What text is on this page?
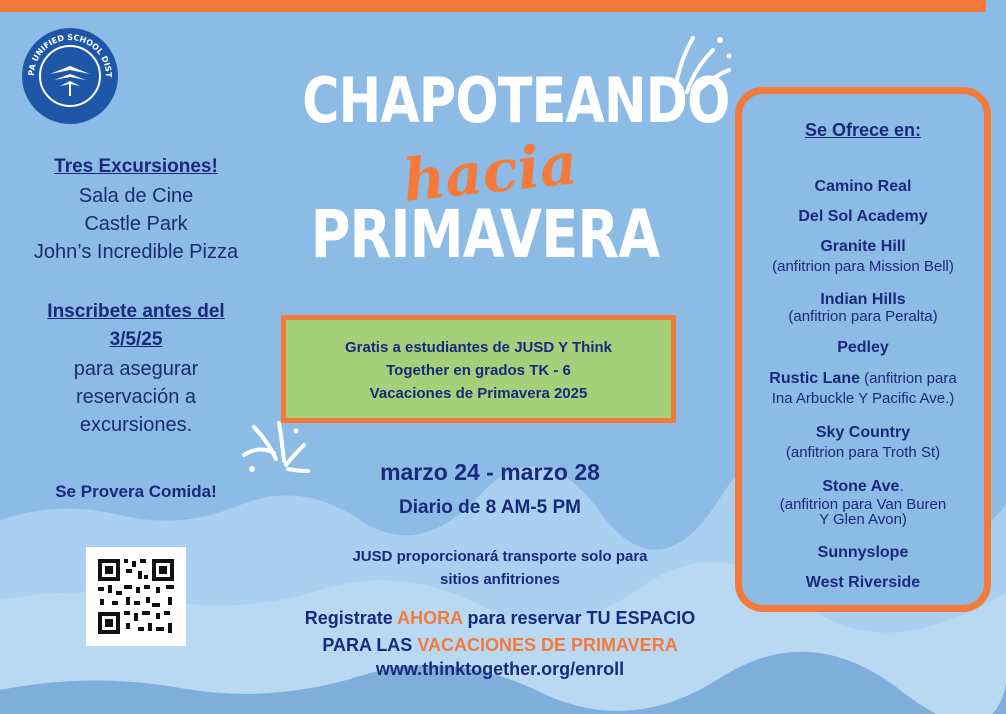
PA UNIFIED SCHOOL DIST
Tres Excursiones!
Sala de Cine
Castle Park
John’s Incredible Pizza
Inscribete antes del
3/5/25
para asegurar
reservación a
excursiones.
Se Provera Comida!
CHAPOTEANDO
hacia
PRIMAVERA
Gratis a estudiantes de JUSD Y Think
Together en grados TK - 6
Vacaciones de Primavera 2025
marzo 24 - marzo 28
Diario de 8 AM-5 PM
JUSD proporcionará transporte solo para
sitios anfitriones
Registrate AHORA para reservar TU ESPACIO
PARA LAS VACACIONES DE PRIMAVERA
www.thinktogether.org/enroll
Se Ofrece en:
Camino Real
Del Sol Academy
Granite Hill
(anfitrion para Mission Bell)
Indian Hills
(anfitrion para Peralta)
Pedley
Rustic Lane (anfitrion para
Ina Arbuckle Y Pacific Ave.)
Sky Country
(anfitrion para Troth St)
Stone Ave.
(anfitrion para Van Buren
Y Glen Avon)
Sunnyslope
West Riverside
